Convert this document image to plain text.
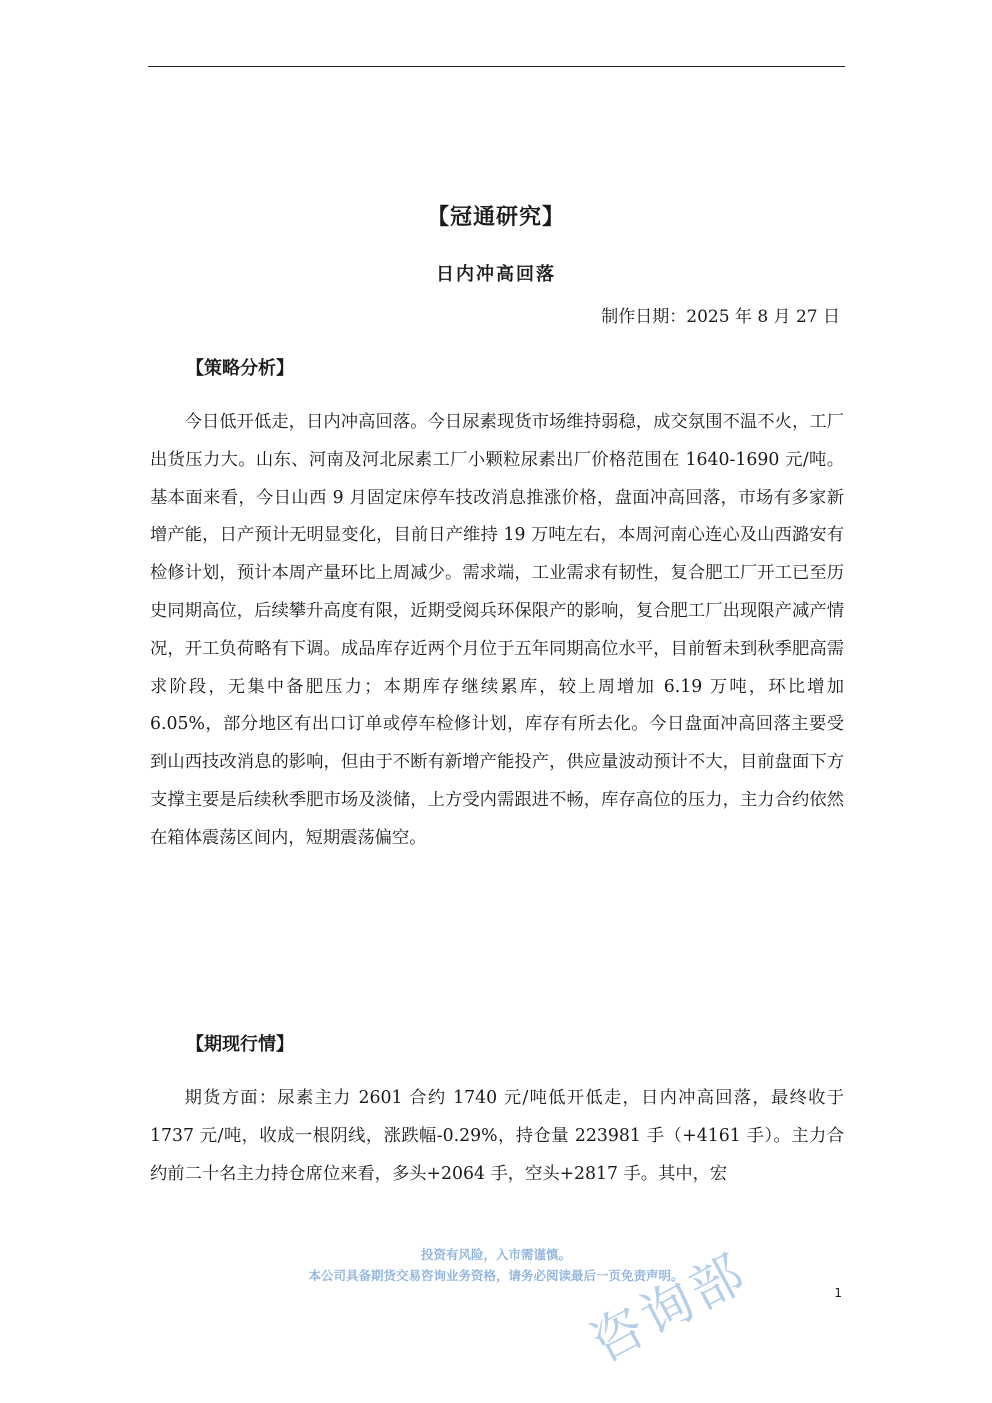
【冠通研究】
日内冲高回落

制作日期：2025 年 8 月 27 日

【策略分析】

今日低开低走，日内冲高回落。今日尿素现货市场维持弱稳，成交氛围不温不火，工厂出货压力大。山东、河南及河北尿素工厂小颗粒尿素出厂价格范围在 1640-1690 元/吨。基本面来看，今日山西 9 月固定床停车技改消息推涨价格，盘面冲高回落，市场有多家新增产能，日产预计无明显变化，目前日产维持 19 万吨左右，本周河南心连心及山西潞安有检修计划，预计本周产量环比上周减少。需求端，工业需求有韧性，复合肥工厂开工已至历史同期高位，后续攀升高度有限，近期受阅兵环保限产的影响，复合肥工厂出现限产减产情况，开工负荷略有下调。成品库存近两个月位于五年同期高位水平，目前暂未到秋季肥高需求阶段，无集中备肥压力；本期库存继续累库，较上周增加 6.19 万吨，环比增加 6.05%，部分地区有出口订单或停车检修计划，库存有所去化。今日盘面冲高回落主要受到山西技改消息的影响，但由于不断有新增产能投产，供应量波动预计不大，目前盘面下方支撑主要是后续秋季肥市场及淡储，上方受内需跟进不畅，库存高位的压力，主力合约依然在箱体震荡区间内，短期震荡偏空。

【期现行情】

期货方面：尿素主力 2601 合约 1740 元/吨低开低走，日内冲高回落，最终收于 1737 元/吨，收成一根阴线，涨跌幅-0.29%，持仓量 223981 手（+4161 手）。主力合约前二十名主力持仓席位来看，多头+2064 手，空头+2817 手。其中，宏

投资有风险，入市需谨慎。

本公司具备期货交易咨询业务资格，请务必阅读最后一页免责声明。

1

咨询部
